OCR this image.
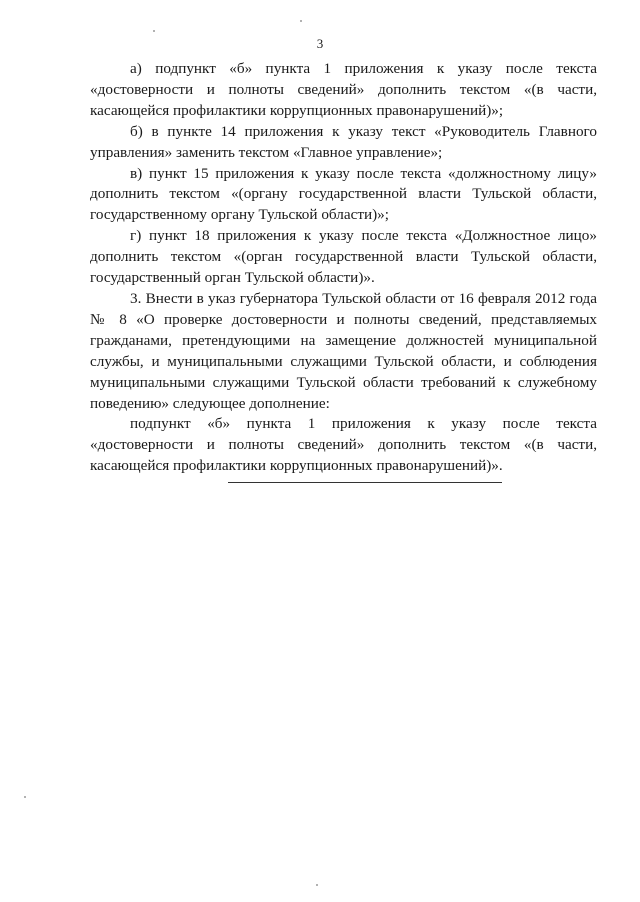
3

а) подпункт «б» пункта 1 приложения к указу после текста «достоверности и полноты сведений» дополнить текстом «(в части, касающейся профилактики коррупционных правонарушений)»;

б) в пункте 14 приложения к указу текст «Руководитель Главного управления» заменить текстом «Главное управление»;

в) пункт 15 приложения к указу после текста «должностному лицу» дополнить текстом «(органу государственной власти Тульской области, государственному органу Тульской области)»;

г) пункт 18 приложения к указу после текста «Должностное лицо» дополнить текстом «(орган государственной власти Тульской области, государственный орган Тульской области)».

3. Внести в указ губернатора Тульской области от 16 февраля 2012 года № 8 «О проверке достоверности и полноты сведений, представляемых гражданами, претендующими на замещение должностей муниципальной службы, и муниципальными служащими Тульской области, и соблюдения муниципальными служащими Тульской области требований к служебному поведению» следующее дополнение:

подпункт «б» пункта 1 приложения к указу после текста «достоверности и полноты сведений» дополнить текстом «(в части, касающейся профилактики коррупционных правонарушений)».
